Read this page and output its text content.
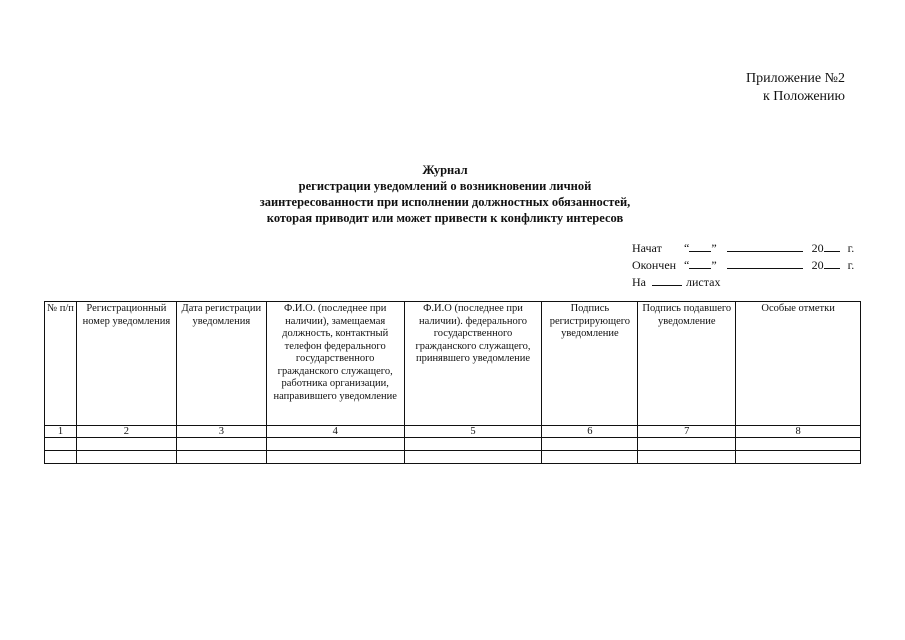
Приложение №2
к Положению
Журнал
регистрации уведомлений о возникновении личной
заинтересованности при исполнении должностных обязанностей,
которая приводит или может привести к конфликту интересов
Начат	“ ”	20 г.
Окончен “ ”	20 г.
На	листах
№ п/п	Регистрационный номер уведомления	Дата регистрации уведомления	Ф.И.О. (последнее при наличии), замещаемая должность, контактный телефон федерального государственного гражданского служащего, работника организации, направившего уведомление	Ф.И.О (последнее при наличии). федерального государственного гражданского служащего, принявшего уведомление	Подпись регистрирующего уведомление	Подпись подавшего уведомление	Особые отметки
1	2	3	4	5	6	7	8
